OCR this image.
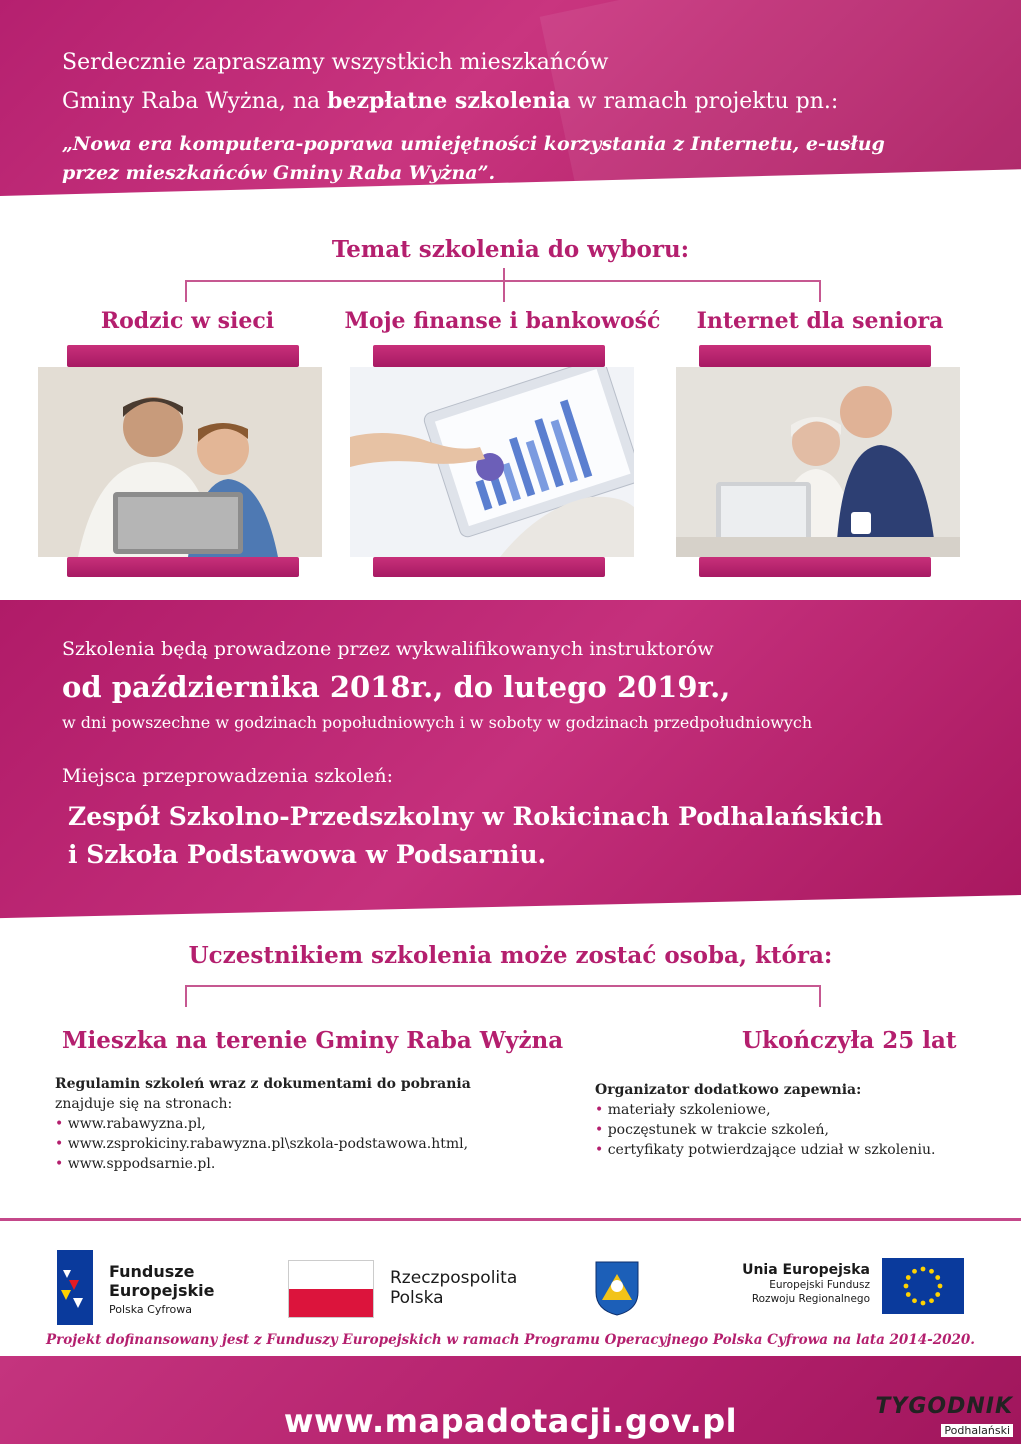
Serdecznie zapraszamy wszystkich mieszkańców
Gminy Raba Wyżna, na bezpłatne szkolenia w ramach projektu pn.:
„Nowa era komputera-poprawa umiejętności korzystania z Internetu, e-usług
przez mieszkańców Gminy Raba Wyżna”.
Temat szkolenia do wyboru:
Rodzic w sieci	Moje finanse i bankowość	Internet dla seniora
Szkolenia będą prowadzone przez wykwalifikowanych instruktorów
od października 2018r., do lutego 2019r.,
w dni powszechne w godzinach popołudniowych i w soboty w godzinach przedpołudniowych
Miejsca przeprowadzenia szkoleń:
Zespół Szkolno-Przedszkolny w Rokicinach Podhalańskich
i Szkoła Podstawowa w Podsarniu.
Uczestnikiem szkolenia może zostać osoba, która:
Mieszka na terenie Gminy Raba Wyżna	Ukończyła 25 lat
Regulamin szkoleń wraz z dokumentami do pobrania
znajduje się na stronach:
• www.rabawyzna.pl,
• www.zsprokiciny.rabawyzna.pl\szkola-podstawowa.html,
• www.sppodsarnie.pl.
Organizator dodatkowo zapewnia:
• materiały szkoleniowe,
• poczęstunek w trakcie szkoleń,
• certyfikaty potwierdzające udział w szkoleniu.
Fundusze
Europejskie
Polska Cyfrowa
Rzeczpospolita
Polska
Unia Europejska
Europejski Fundusz
Rozwoju Regionalnego
Projekt dofinansowany jest z Funduszy Europejskich w ramach Programu Operacyjnego Polska Cyfrowa na lata 2014-2020.
www.mapadotacji.gov.pl	TYGODNIK
Podhalański
